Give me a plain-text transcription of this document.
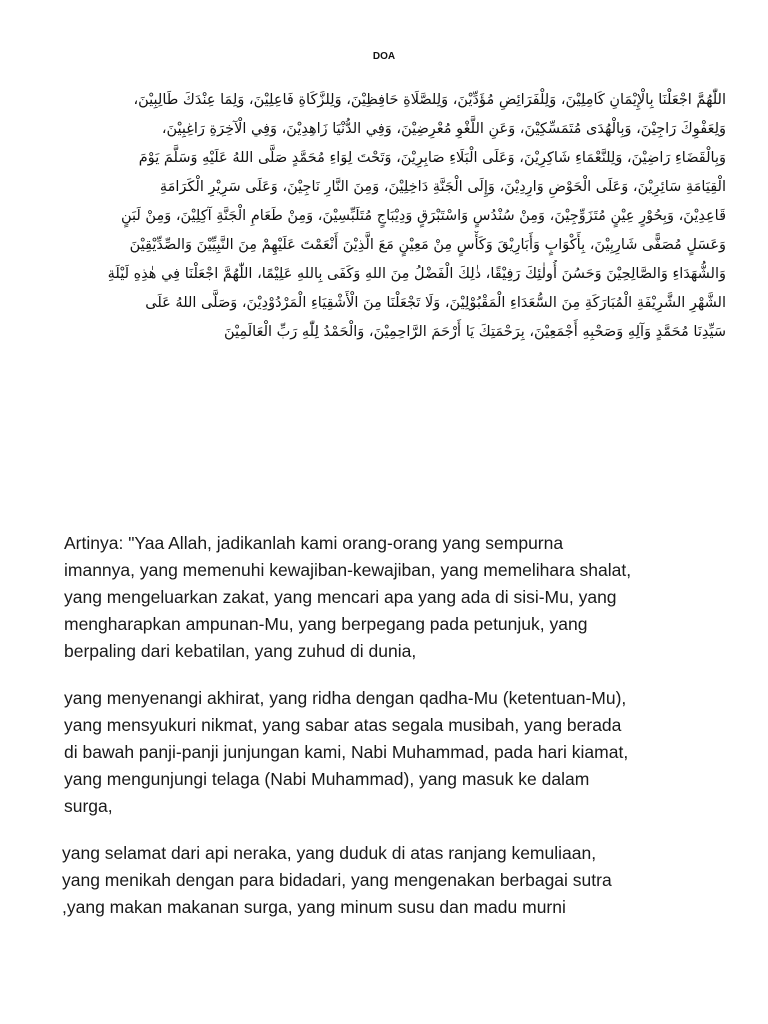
DOA
اللّٰهُمَّ اجْعَلْنَا بِالْإِيْمَانِ كَامِلِيْنَ، وَلِلْفَرَائِضِ مُؤَدِّيْنَ، وَلِلصَّلَاةِ حَافِظِيْنَ، وَلِلزَّكَاةِ فَاعِلِيْنَ، وَلِمَا عِنْدَكَ طَالِبِيْنَ،
وَلِعَفْوِكَ رَاجِيْنَ، وَبِالْهُدَى مُتَمَسِّكِيْنَ، وَعَنِ اللَّغْوِ مُعْرِضِيْنَ، وَفِي الدُّنْيَا زَاهِدِيْنَ، وَفِي الْآخِرَةِ رَاغِبِيْنَ،
وَبِالْقَضَاءِ رَاضِيْنَ، وَلِلنَّعْمَاءِ شَاكِرِيْنَ، وَعَلَى الْبَلَاءِ صَابِرِيْنَ، وَتَحْتَ لِوَاءِ مُحَمَّدٍ صَلَّى اللهُ عَلَيْهِ وَسَلَّمَ يَوْمَ
الْقِيَامَةِ سَائِرِيْنَ، وَعَلَى الْحَوْضِ وَارِدِيْنَ، وَإِلَى الْجَنَّةِ دَاخِلِيْنَ، وَمِنَ النَّارِ نَاجِيْنَ، وَعَلَى سَرِيْرِ الْكَرَامَةِ
قَاعِدِيْنَ، وَبِحُوْرٍ عِيْنٍ مُتَزَوِّجِيْنَ، وَمِنْ سُنْدُسٍ وَاسْتَبْرَقٍ وَدِيْبَاجٍ مُتَلَبِّسِيْنَ، وَمِنْ طَعَامِ الْجَنَّةِ آكِلِيْنَ، وَمِنْ لَبَنٍ
وَعَسَلٍ مُصَفًّى شَارِبِيْنَ، بِأَكْوَابٍ وَأَبَارِيْقَ وَكَأْسٍ مِنْ مَعِيْنٍ مَعَ الَّذِيْنَ أَنْعَمْتَ عَلَيْهِمْ مِنَ النَّبِيِّيْنَ وَالصِّدِّيْقِيْنَ
وَالشُّهَدَاءِ وَالصَّالِحِيْنَ وَحَسُنَ أُولٰئِكَ رَفِيْقًا، ذٰلِكَ الْفَضْلُ مِنَ اللهِ وَكَفَى بِاللهِ عَلِيْمًا، اللّٰهُمَّ اجْعَلْنَا فِي هٰذِهِ لَيْلَةِ
الشَّهْرِ الشَّرِيْفَةِ الْمُبَارَكَةِ مِنَ السُّعَدَاءِ الْمَقْبُوْلِيْنَ، وَلَا تَجْعَلْنَا مِنَ الْأَشْقِيَاءِ الْمَرْدُوْدِيْنَ، وَصَلَّى اللهُ عَلَى
سَيِّدِنَا مُحَمَّدٍ وَآلِهِ وَصَحْبِهِ أَجْمَعِيْنَ، بِرَحْمَتِكَ يَا أَرْحَمَ الرَّاحِمِيْنَ، وَالْحَمْدُ لِلّٰهِ رَبِّ الْعَالَمِيْنَ
Artinya: "Yaa Allah, jadikanlah kami orang-orang yang sempurna
imannya, yang memenuhi kewajiban-kewajiban, yang memelihara shalat,
yang mengeluarkan zakat, yang mencari apa yang ada di sisi-Mu, yang
mengharapkan ampunan-Mu, yang berpegang pada petunjuk, yang
berpaling dari kebatilan, yang zuhud di dunia,
yang menyenangi akhirat, yang ridha dengan qadha-Mu (ketentuan-Mu),
yang mensyukuri nikmat, yang sabar atas segala musibah, yang berada
di bawah panji-panji junjungan kami, Nabi Muhammad, pada hari kiamat,
yang mengunjungi telaga (Nabi Muhammad), yang masuk ke dalam
surga,
yang selamat dari api neraka, yang duduk di atas ranjang kemuliaan,
yang menikah dengan para bidadari, yang mengenakan berbagai sutra
,yang makan makanan surga, yang minum susu dan madu murni
